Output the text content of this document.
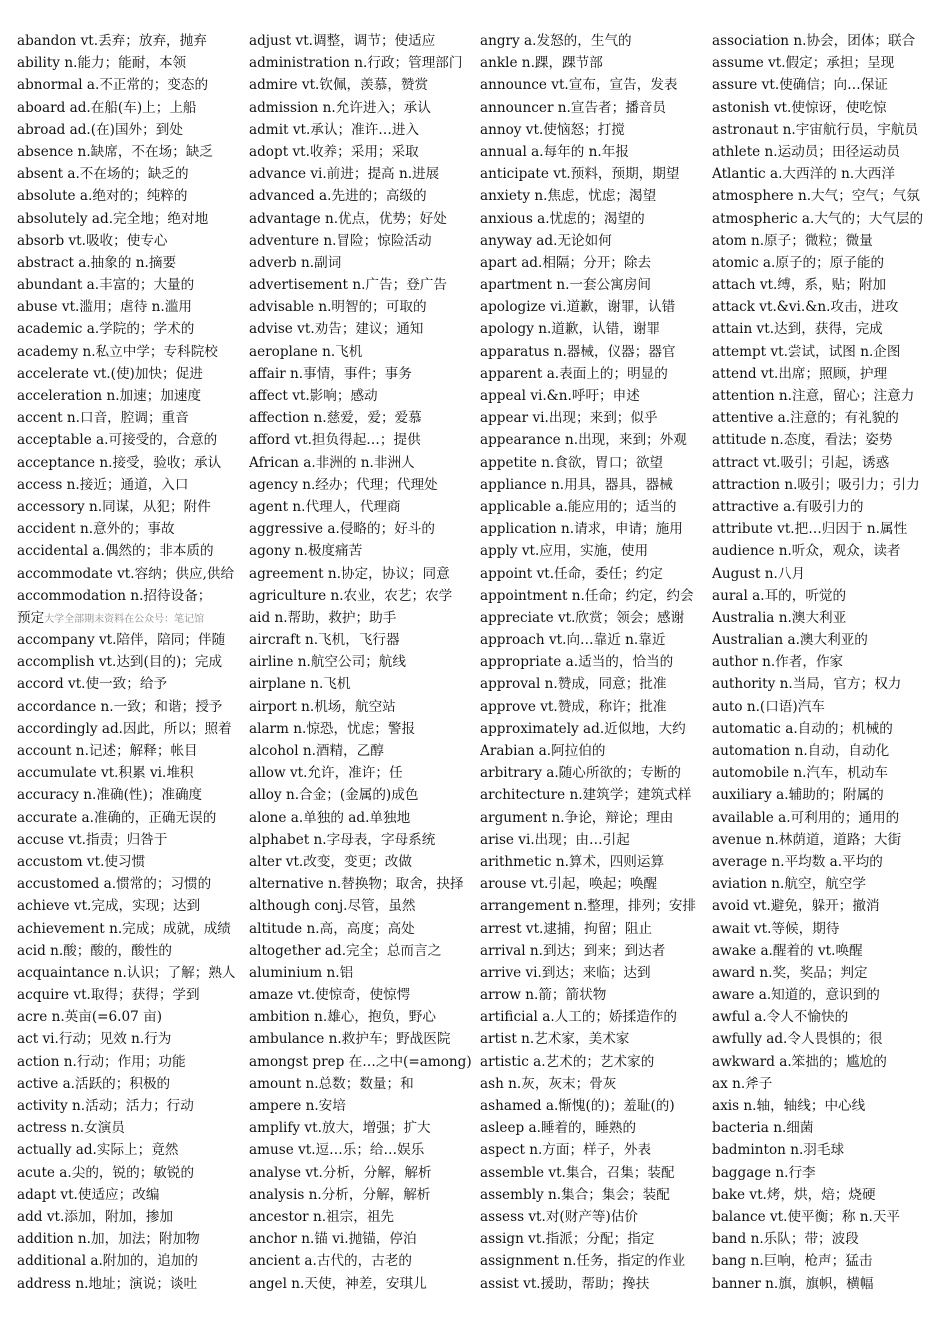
abandon vt.丢弃；放弃，抛弃
ability n.能力；能耐，本领
abnormal a.不正常的；变态的
aboard ad.在船(车)上；上船
abroad ad.(在)国外；到处
absence n.缺席，不在场；缺乏
absent a.不在场的；缺乏的
absolute a.绝对的；纯粹的
absolutely ad.完全地；绝对地
absorb vt.吸收；使专心
abstract a.抽象的 n.摘要
abundant a.丰富的；大量的
abuse vt.滥用；虐待 n.滥用
academic a.学院的；学术的
academy n.私立中学；专科院校
accelerate vt.(使)加快；促进
acceleration n.加速；加速度
accent n.口音，腔调；重音
acceptable a.可接受的，合意的
acceptance n.接受，验收；承认
access n.接近；通道，入口
accessory n.同谋，从犯；附件
accident n.意外的；事故
accidental a.偶然的；非本质的
accommodate vt.容纳；供应,供给
accommodation n.招待设备；
预定大学全部期末资料在公众号：笔记馆
accompany vt.陪伴，陪同；伴随
accomplish vt.达到(目的)；完成
accord vt.使一致；给予
accordance n.一致；和谐；授予
accordingly ad.因此，所以；照着
account n.记述；解释；帐目
accumulate vt.积累 vi.堆积
accuracy n.准确(性)；准确度
accurate a.准确的，正确无误的
accuse vt.指责；归咎于
accustom vt.使习惯
accustomed a.惯常的；习惯的
achieve vt.完成，实现；达到
achievement n.完成；成就，成绩
acid n.酸；酸的，酸性的
acquaintance n.认识；了解；熟人
acquire vt.取得；获得；学到
acre n.英亩(=6.07 亩)
act vi.行动；见效 n.行为
action n.行动；作用；功能
active a.活跃的；积极的
activity n.活动；活力；行动
actress n.女演员
actually ad.实际上；竟然
acute a.尖的，锐的；敏锐的
adapt vt.使适应；改编
add vt.添加，附加，掺加
addition n.加，加法；附加物
additional a.附加的，追加的
address n.地址；演说；谈吐
adjust vt.调整，调节；使适应
administration n.行政；管理部门
admire vt.钦佩，羡慕，赞赏
admission n.允许进入；承认
admit vt.承认；准许…进入
adopt vt.收养；采用；采取
advance vi.前进；提高 n.进展
advanced a.先进的；高级的
advantage n.优点，优势；好处
adventure n.冒险；惊险活动
adverb n.副词
advertisement n.广告；登广告
advisable n.明智的；可取的
advise vt.劝告；建议；通知
aeroplane n.飞机
affair n.事情，事件；事务
affect vt.影响；感动
affection n.慈爱，爱；爱慕
afford vt.担负得起…；提供
African a.非洲的 n.非洲人
agency n.经办；代理；代理处
agent n.代理人，代理商
aggressive a.侵略的；好斗的
agony n.极度痛苦
agreement n.协定，协议；同意
agriculture n.农业，农艺；农学
aid n.帮助，救护；助手
aircraft n.飞机，飞行器
airline n.航空公司；航线
airplane n.飞机
airport n.机场，航空站
alarm n.惊恐，忧虑；警报
alcohol n.酒精，乙醇
allow vt.允许，准许；任
alloy n.合金；(金属的)成色
alone a.单独的 ad.单独地
alphabet n.字母表，字母系统
alter vt.改变，变更；改做
alternative n.替换物；取舍，抉择
although conj.尽管，虽然
altitude n.高，高度；高处
altogether ad.完全；总而言之
aluminium n.铝
amaze vt.使惊奇，使惊愕
ambition n.雄心，抱负，野心
ambulance n.救护车；野战医院
amongst prep 在…之中(=among)
amount n.总数；数量；和
ampere n.安培
amplify vt.放大，增强；扩大
amuse vt.逗…乐；给…娱乐
analyse vt.分析，分解，解析
analysis n.分析，分解，解析
ancestor n.祖宗，祖先
anchor n.锚 vi.抛锚，停泊
ancient a.古代的，古老的
angel n.天使，神差，安琪儿
angry a.发怒的，生气的
ankle n.踝，踝节部
announce vt.宣布，宣告，发表
announcer n.宣告者；播音员
annoy vt.使恼怒；打搅
annual a.每年的 n.年报
anticipate vt.预料，预期，期望
anxiety n.焦虑，忧虑；渴望
anxious a.忧虑的；渴望的
anyway ad.无论如何
apart ad.相隔；分开；除去
apartment n.一套公寓房间
apologize vi.道歉，谢罪，认错
apology n.道歉，认错，谢罪
apparatus n.器械，仪器；器官
apparent a.表面上的；明显的
appeal vi.&n.呼吁；申述
appear vi.出现；来到；似乎
appearance n.出现，来到；外观
appetite n.食欲，胃口；欲望
appliance n.用具，器具，器械
applicable a.能应用的；适当的
application n.请求，申请；施用
apply vt.应用，实施，使用
appoint vt.任命，委任；约定
appointment n.任命；约定，约会
appreciate vt.欣赏；领会；感谢
approach vt.向…靠近 n.靠近
appropriate a.适当的，恰当的
approval n.赞成，同意；批准
approve vt.赞成，称许；批准
approximately ad.近似地，大约
Arabian a.阿拉伯的
arbitrary a.随心所欲的；专断的
architecture n.建筑学；建筑式样
argument n.争论，辩论；理由
arise vi.出现；由…引起
arithmetic n.算术，四则运算
arouse vt.引起，唤起；唤醒
arrangement n.整理，排列；安排
arrest vt.逮捕，拘留；阻止
arrival n.到达；到来；到达者
arrive vi.到达；来临；达到
arrow n.箭；箭状物
artificial a.人工的；娇揉造作的
artist n.艺术家，美术家
artistic a.艺术的；艺术家的
ash n.灰，灰末；骨灰
ashamed a.惭愧(的)；羞耻(的)
asleep a.睡着的，睡熟的
aspect n.方面；样子，外表
assemble vt.集合，召集；装配
assembly n.集合；集会；装配
assess vt.对(财产等)估价
assign vt.指派；分配；指定
assignment n.任务，指定的作业
assist vt.援助，帮助；搀扶
association n.协会，团体；联合
assume vt.假定；承担；呈现
assure vt.使确信；向…保证
astonish vt.使惊讶，使吃惊
astronaut n.宇宙航行员，宇航员
athlete n.运动员；田径运动员
Atlantic a.大西洋的 n.大西洋
atmosphere n.大气；空气；气氛
atmospheric a.大气的；大气层的
atom n.原子；微粒；微量
atomic a.原子的；原子能的
attach vt.缚，系，贴；附加
attack vt.&vi.&n.攻击，进攻
attain vt.达到，获得，完成
attempt vt.尝试，试图 n.企图
attend vt.出席；照顾，护理
attention n.注意，留心；注意力
attentive a.注意的；有礼貌的
attitude n.态度，看法；姿势
attract vt.吸引；引起，诱惑
attraction n.吸引；吸引力；引力
attractive a.有吸引力的
attribute vt.把…归因于 n.属性
audience n.听众，观众，读者
August n.八月
aural a.耳的，听觉的
Australia n.澳大利亚
Australian a.澳大利亚的
author n.作者，作家
authority n.当局，官方；权力
auto n.(口语)汽车
automatic a.自动的；机械的
automation n.自动，自动化
automobile n.汽车，机动车
auxiliary a.辅助的；附属的
available a.可利用的；通用的
avenue n.林荫道，道路；大街
average n.平均数 a.平均的
aviation n.航空，航空学
avoid vt.避免，躲开；撤消
await vt.等候，期待
awake a.醒着的 vt.唤醒
award n.奖，奖品；判定
aware a.知道的，意识到的
awful a.令人不愉快的
awfully ad.令人畏惧的；很
awkward a.笨拙的；尴尬的
ax n.斧子
axis n.轴，轴线；中心线
bacteria n.细菌
badminton n.羽毛球
baggage n.行李
bake vt.烤，烘，焙；烧硬
balance vt.使平衡；称 n.天平
band n.乐队；带；波段
bang n.巨响，枪声；猛击
banner n.旗，旗帜，横幅
